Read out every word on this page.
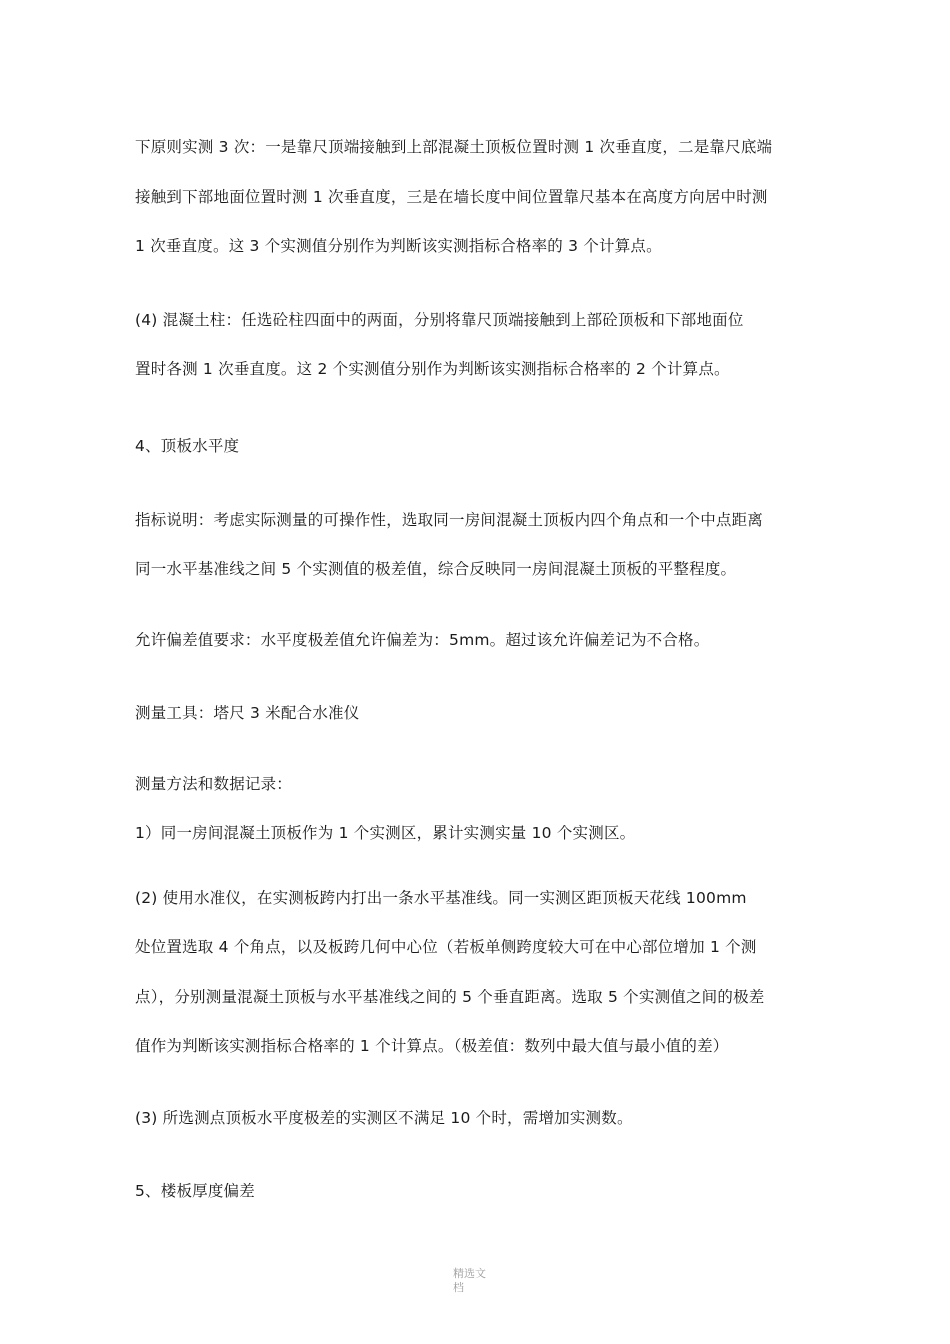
下原则实测 3 次：一是靠尺顶端接触到上部混凝土顶板位置时测 1 次垂直度，二是靠尺底端
接触到下部地面位置时测 1 次垂直度，三是在墙长度中间位置靠尺基本在高度方向居中时测
1 次垂直度。这 3 个实测值分别作为判断该实测指标合格率的 3 个计算点。
(4) 混凝土柱：任选砼柱四面中的两面，分别将靠尺顶端接触到上部砼顶板和下部地面位
置时各测 1 次垂直度。这 2 个实测值分别作为判断该实测指标合格率的 2 个计算点。
4、顶板水平度
指标说明：考虑实际测量的可操作性，选取同一房间混凝土顶板内四个角点和一个中点距离
同一水平基准线之间 5 个实测值的极差值，综合反映同一房间混凝土顶板的平整程度。
允许偏差值要求：水平度极差值允许偏差为：5mm。超过该允许偏差记为不合格。
测量工具：塔尺 3 米配合水准仪
测量方法和数据记录：
1）同一房间混凝土顶板作为 1 个实测区，累计实测实量 10 个实测区。
(2) 使用水准仪，在实测板跨内打出一条水平基准线。同一实测区距顶板天花线 100mm
处位置选取 4 个角点，以及板跨几何中心位（若板单侧跨度较大可在中心部位增加 1 个测
点），分别测量混凝土顶板与水平基准线之间的 5 个垂直距离。选取 5 个实测值之间的极差
值作为判断该实测指标合格率的 1 个计算点。（极差值：数列中最大值与最小值的差）
(3) 所选测点顶板水平度极差的实测区不满足 10 个时，需增加实测数。
5、楼板厚度偏差
精选文
档
